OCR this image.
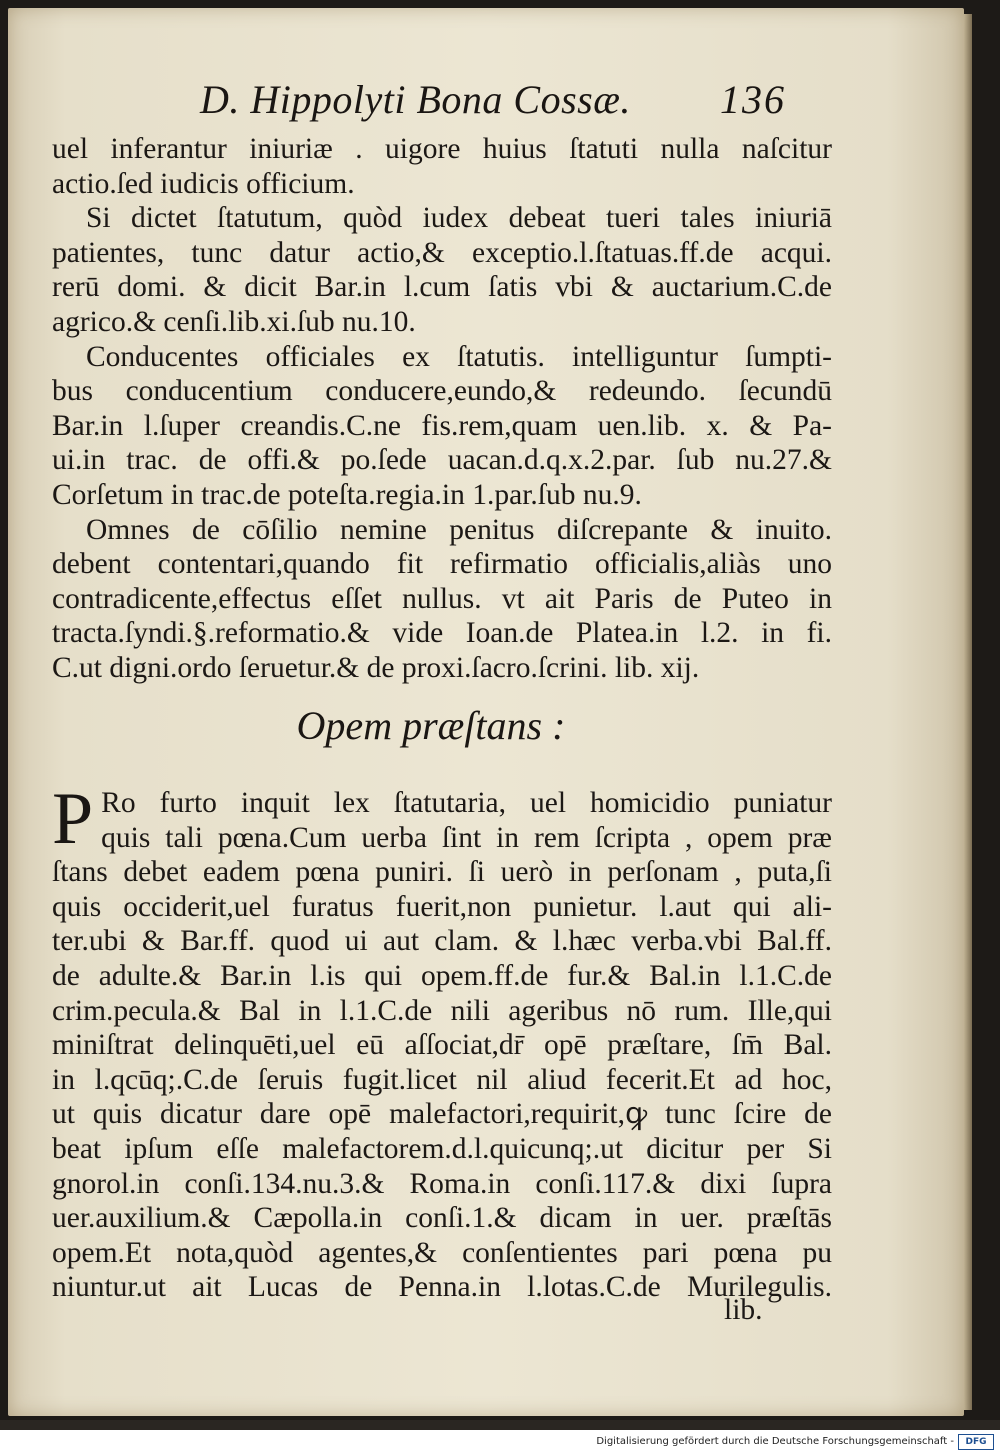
D. Hippolyti Bona Cossæ. 136
uel inferantur iniuriæ . uigore huius ſtatuti nulla naſcitur
actio.ſed iudicis officium.
Si dictet ſtatutum, quòd iudex debeat tueri tales iniuriā
patientes, tunc datur actio,& exceptio.l.ſtatuas.ff.de acqui.
rerū domi. & dicit Bar.in l.cum ſatis vbi & auctarium.C.de
agrico.& cenſi.lib.xi.ſub nu.10.
Conducentes officiales ex ſtatutis. intelliguntur ſumpti-
bus conducentium conducere,eundo,& redeundo. ſecundū
Bar.in l.ſuper creandis.C.ne fis.rem,quam uen.lib. x. & Pa-
ui.in trac. de offi.& po.ſede uacan.d.q.x.2.par. ſub nu.27.&
Corſetum in trac.de poteſta.regia.in 1.par.ſub nu.9.
Omnes de cōſilio nemine penitus diſcrepante & inuito.
debent contentari,quando fit refirmatio officialis,aliàs uno
contradicente,effectus eſſet nullus. vt ait Paris de Puteo in
tracta.ſyndi.§.reformatio.& vide Ioan.de Platea.in l.2. in fi.
C.ut digni.ordo ſeruetur.& de proxi.ſacro.ſcrini. lib. xij.
Opem præſtans :
P Ro furto inquit lex ſtatutaria, uel homicidio puniatur
quis tali pœna.Cum uerba ſint in rem ſcripta , opem præ
ſtans debet eadem pœna puniri. ſi uerò in perſonam , puta,ſi
quis occiderit,uel furatus fuerit,non punietur. l.aut qui ali-
ter.ubi & Bar.ff. quod ui aut clam. & l.hæc verba.vbi Bal.ff.
de adulte.& Bar.in l.is qui opem.ff.de fur.& Bal.in l.1.C.de
crim.pecula.& Bal in l.1.C.de nili ageribus nō rum. Ille,qui
miniſtrat delinquēti,uel eū aſſociat,dr̄ opē præſtare, ſm̄ Bal.
in l.qcūq;.C.de ſeruis fugit.licet nil aliud fecerit.Et ad hoc,
ut quis dicatur dare opē malefactori,requirit,ꝙ tunc ſcire de
beat ipſum eſſe malefactorem.d.l.quicunq;.ut dicitur per Si
gnorol.in conſi.134.nu.3.& Roma.in conſi.117.& dixi ſupra
uer.auxilium.& Cæpolla.in conſi.1.& dicam in uer. præſtās
opem.Et nota,quòd agentes,& conſentientes pari pœna pu
niuntur.ut ait Lucas de Penna.in l.lotas.C.de Murilegulis.
lib.
Digitalisierung gefördert durch die Deutsche Forschungsgemeinschaft -	DFG
